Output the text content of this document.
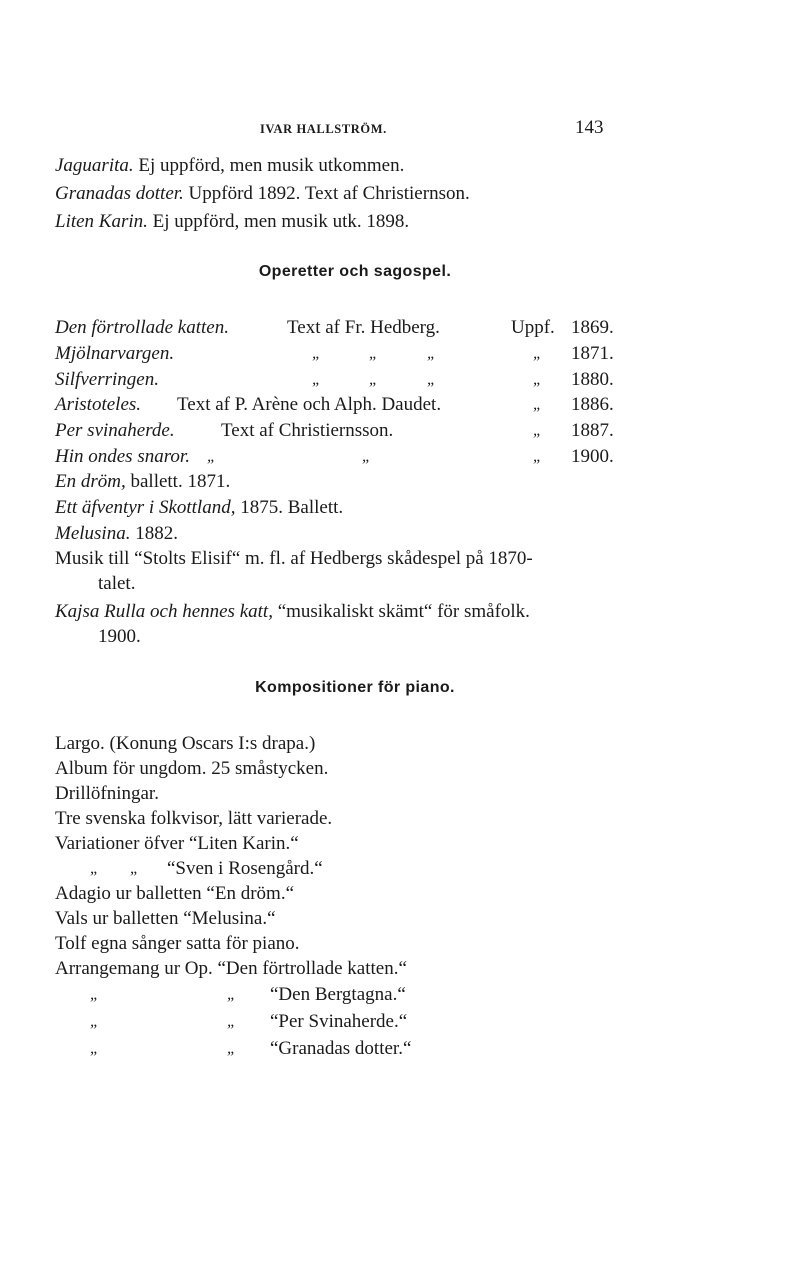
IVAR HALLSTRÖM.	143
Jaguarita. Ej uppförd, men musik utkommen.
Granadas dotter. Uppförd 1892. Text af Christiernson.
Liten Karin. Ej uppförd, men musik utk. 1898.
Operetter och sagospel.
Den förtrollade katten.	Text af Fr. Hedberg.	Uppf. 1869.
Mjölnarvargen.	„	„	„	„ 1871.
Silfverringen.	„	„	„	„ 1880.
Aristoteles. Text af P. Arène och Alph. Daudet.	„ 1886.
Per svinaherde. Text af Christiernsson.	„ 1887.
Hin ondes snaror. „	„	„ 1900.
En dröm, ballett. 1871.
Ett äfventyr i Skottland, 1875. Ballett.
Melusina. 1882.
Musik till “Stolts Elisif“ m. fl. af Hedbergs skådespel på 1870-
talet.
Kajsa Rulla och hennes katt, “musikaliskt skämt“ för småfolk.
1900.
Kompositioner för piano.
Largo. (Konung Oscars I:s drapa.)
Album för ungdom. 25 småstycken.
Drillöfningar.
Tre svenska folkvisor, lätt varierade.
Variationer öfver “Liten Karin.“
„ „ “Sven i Rosengård.“
Adagio ur balletten “En dröm.“
Vals ur balletten “Melusina.“
Tolf egna sånger satta för piano.
Arrangemang ur Op. “Den förtrollade katten.“
„	„ “Den Bergtagna.“
„	„ “Per Svinaherde.“
„	„ “Granadas dotter.“
